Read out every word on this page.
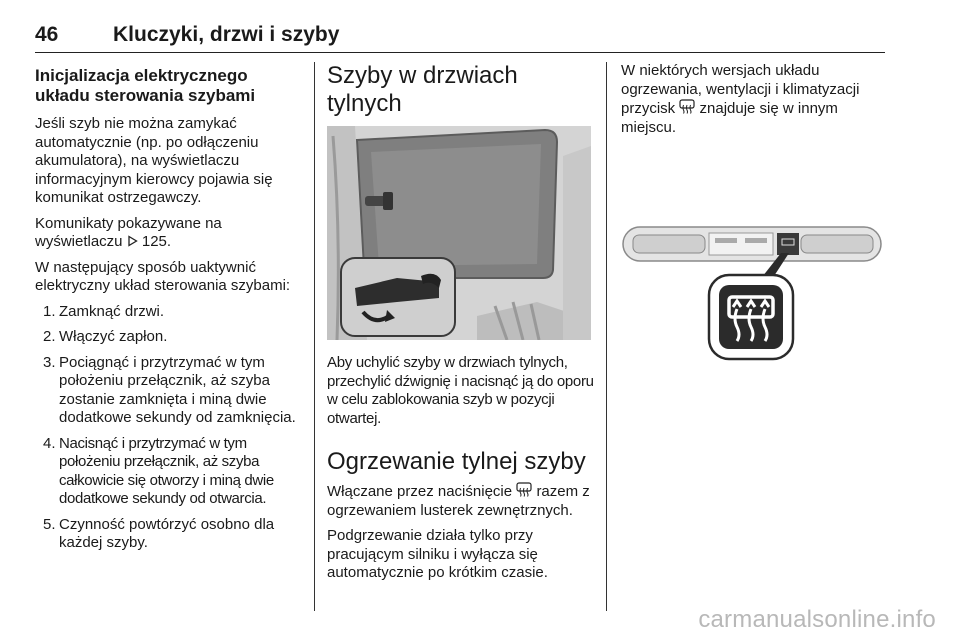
46	Kluczyki, drzwi i szyby
Inicjalizacja elektrycznego układu sterowania szybami

Jeśli szyb nie można zamykać automatycznie (np. po odłączeniu akumulatora), na wyświetlaczu informacyjnym kierowcy pojawia się komunikat ostrzegawczy.

Komunikaty pokazywane na wyświetlaczu 125.

W następujący sposób uaktywnić elektryczny układ sterowania szybami:

1. Zamknąć drzwi.
2. Włączyć zapłon.
3. Pociągnąć i przytrzymać w tym położeniu przełącznik, aż szyba zostanie zamknięta i miną dwie dodatkowe sekundy od zamknięcia.
4. Nacisnąć i przytrzymać w tym położeniu przełącznik, aż szyba całkowicie się otworzy i miną dwie dodatkowe sekundy od otwarcia.
5. Czynność powtórzyć osobno dla każdej szyby.
Szyby w drzwiach tylnych

Aby uchylić szyby w drzwiach tylnych, przechylić dźwignię i nacisnąć ją do oporu w celu zablokowania szyb w pozycji otwartej.

Ogrzewanie tylnej szyby

Włączane przez naciśnięcie razem z ogrzewaniem lusterek zewnętrznych.

Podgrzewanie działa tylko przy pracującym silniku i wyłącza się automatycznie po krótkim czasie.

W niektórych wersjach układu ogrzewania, wentylacji i klimatyzacji przycisk znajduje się w innym miejscu.

carmanualsonline.info
